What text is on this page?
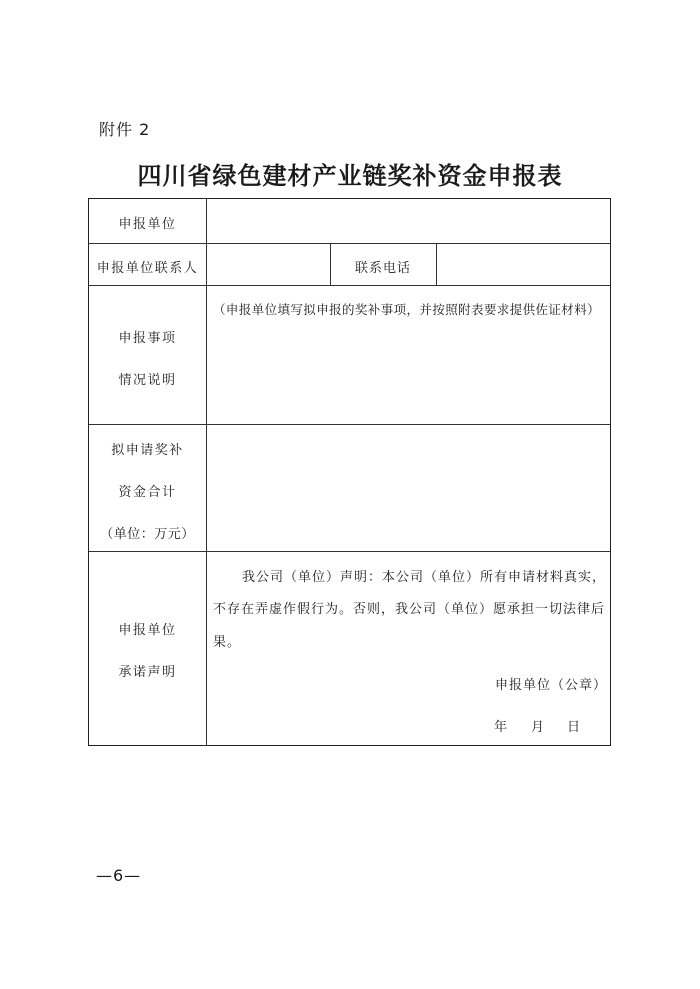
附件 2
四川省绿色建材产业链奖补资金申报表
申报单位
申报单位联系人	联系电话
申报事项
情况说明
（申报单位填写拟申报的奖补事项，并按照附表要求提供佐证材料）
拟申请奖补
资金合计
（单位：万元）
申报单位
承诺声明
我公司（单位）声明：本公司（单位）所有申请材料真实，
不存在弄虚作假行为。否则，我公司（单位）愿承担一切法律后
果。
申报单位（公章）
年 月 日
—6—
